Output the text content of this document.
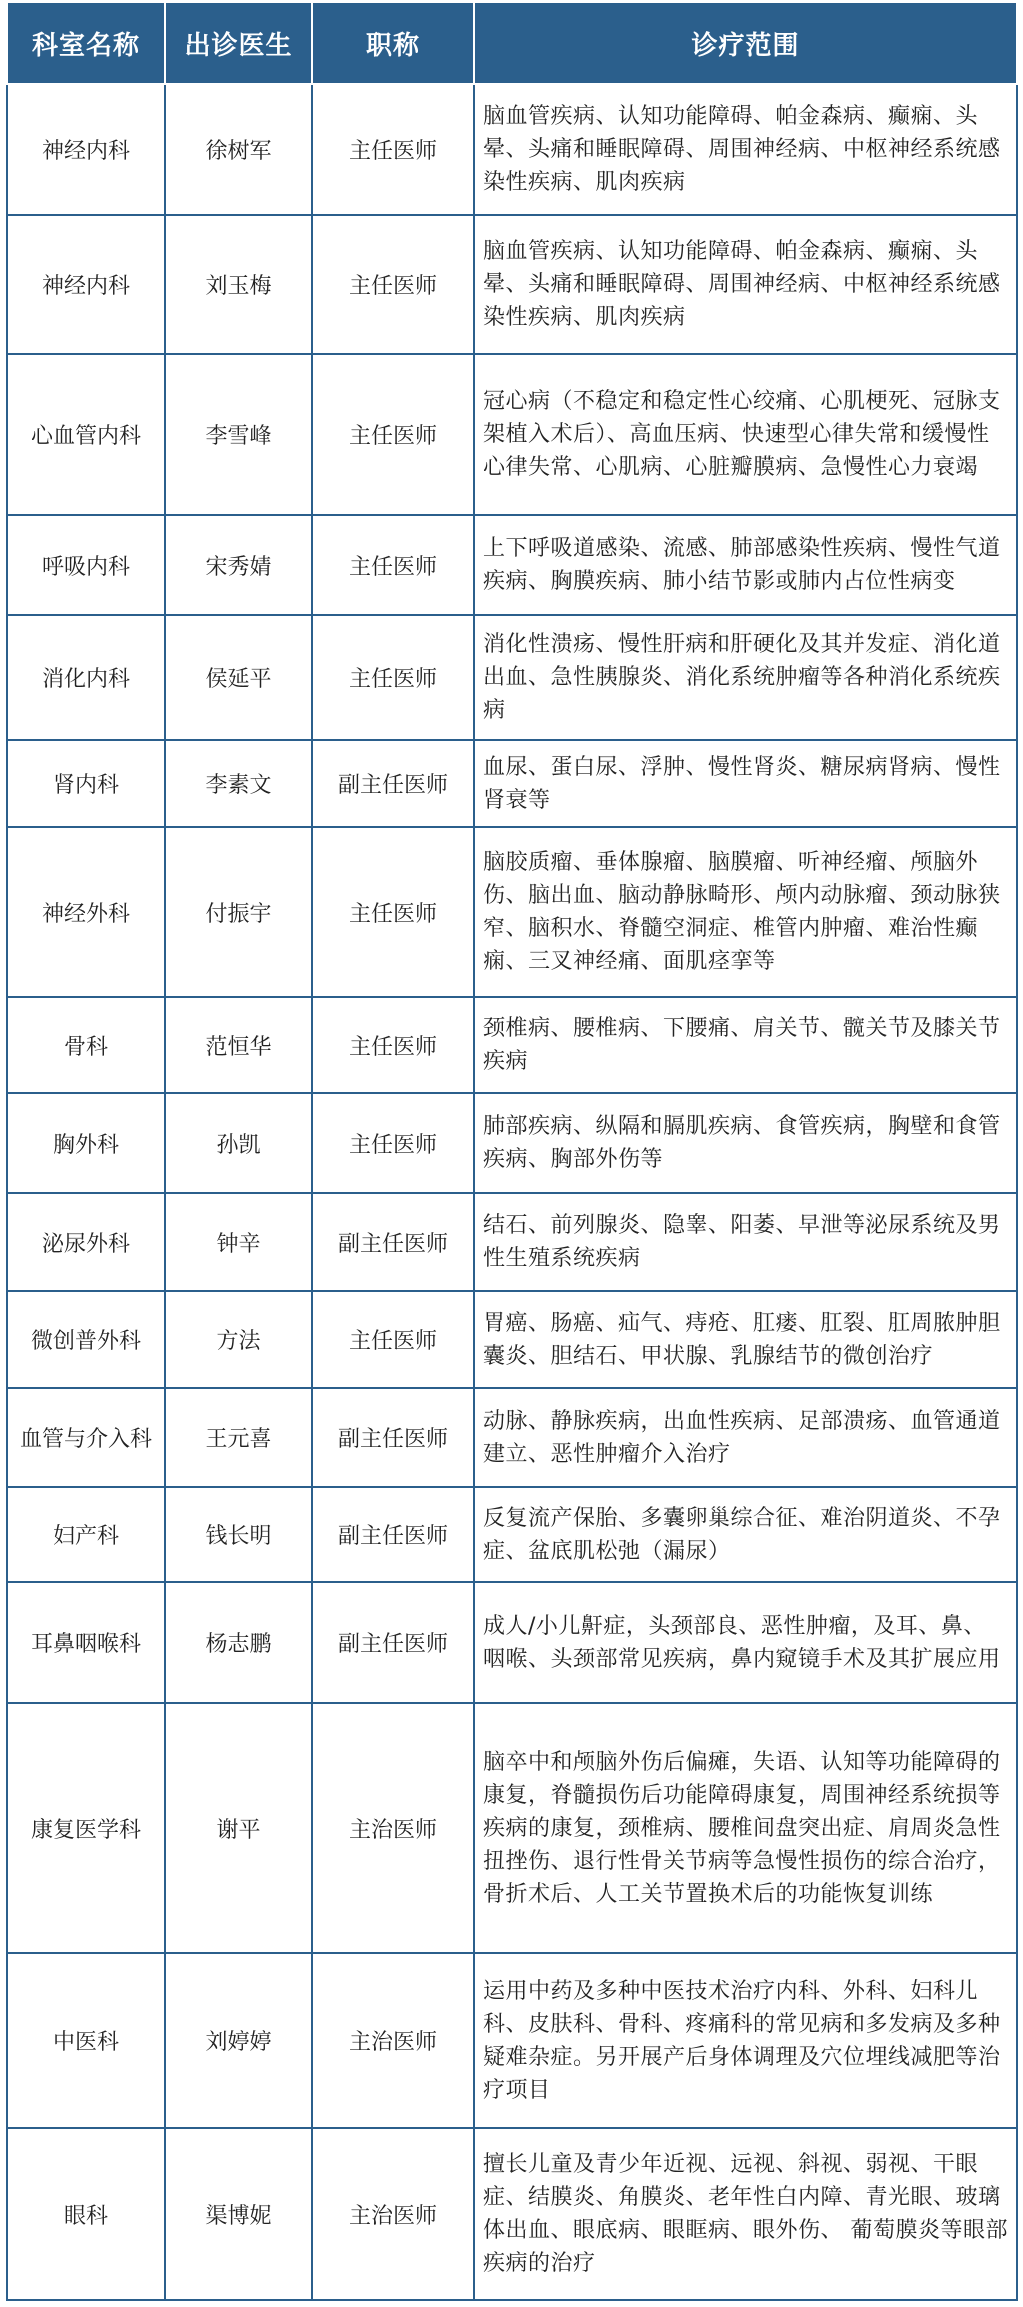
科室名称	出诊医生	职称	诊疗范围
神经内科	徐树军	主任医师	脑血管疾病、认知功能障碍、帕金森病、癫痫、头晕、头痛和睡眠障碍、周围神经病、中枢神经系统感染性疾病、肌肉疾病
神经内科	刘玉梅	主任医师	脑血管疾病、认知功能障碍、帕金森病、癫痫、头晕、头痛和睡眠障碍、周围神经病、中枢神经系统感染性疾病、肌肉疾病
心血管内科	李雪峰	主任医师	冠心病（不稳定和稳定性心绞痛、心肌梗死、冠脉支架植入术后）、高血压病、快速型心律失常和缓慢性心律失常、心肌病、心脏瓣膜病、急慢性心力衰竭
呼吸内科	宋秀婧	主任医师	上下呼吸道感染、流感、肺部感染性疾病、慢性气道疾病、胸膜疾病、肺小结节影或肺内占位性病变
消化内科	侯延平	主任医师	消化性溃疡、慢性肝病和肝硬化及其并发症、消化道出血、急性胰腺炎、消化系统肿瘤等各种消化系统疾病
肾内科	李素文	副主任医师	血尿、蛋白尿、浮肿、慢性肾炎、糖尿病肾病、慢性肾衰等
神经外科	付振宇	主任医师	脑胶质瘤、垂体腺瘤、脑膜瘤、听神经瘤、颅脑外伤、脑出血、脑动静脉畸形、颅内动脉瘤、颈动脉狭窄、脑积水、脊髓空洞症、椎管内肿瘤、难治性癫痫、三叉神经痛、面肌痉挛等
骨科	范恒华	主任医师	颈椎病、腰椎病、下腰痛、肩关节、髋关节及膝关节疾病
胸外科	孙凯	主任医师	肺部疾病、纵隔和膈肌疾病、食管疾病，胸壁和食管疾病、胸部外伤等
泌尿外科	钟辛	副主任医师	结石、前列腺炎、隐睾、阳萎、早泄等泌尿系统及男性生殖系统疾病
微创普外科	方法	主任医师	胃癌、肠癌、疝气、痔疮、肛瘘、肛裂、肛周脓肿胆囊炎、胆结石、甲状腺、乳腺结节的微创治疗
血管与介入科	王元喜	副主任医师	动脉、静脉疾病，出血性疾病、足部溃疡、血管通道建立、恶性肿瘤介入治疗
妇产科	钱长明	副主任医师	反复流产保胎、多囊卵巢综合征、难治阴道炎、不孕症、盆底肌松弛（漏尿）
耳鼻咽喉科	杨志鹏	副主任医师	成人/小儿鼾症，头颈部良、恶性肿瘤，及耳、鼻、咽喉、头颈部常见疾病，鼻内窥镜手术及其扩展应用
康复医学科	谢平	主治医师	脑卒中和颅脑外伤后偏瘫，失语、认知等功能障碍的康复，脊髓损伤后功能障碍康复，周围神经系统损等疾病的康复，颈椎病、腰椎间盘突出症、肩周炎急性扭挫伤、退行性骨关节病等急慢性损伤的综合治疗，骨折术后、人工关节置换术后的功能恢复训练
中医科	刘婷婷	主治医师	运用中药及多种中医技术治疗内科、外科、妇科儿科、皮肤科、骨科、疼痛科的常见病和多发病及多种疑难杂症。另开展产后身体调理及穴位埋线减肥等治疗项目
眼科	渠博妮	主治医师	擅长儿童及青少年近视、远视、斜视、弱视、干眼症、结膜炎、角膜炎、老年性白内障、青光眼、玻璃体出血、眼底病、眼眶病、眼外伤、 葡萄膜炎等眼部疾病的治疗
